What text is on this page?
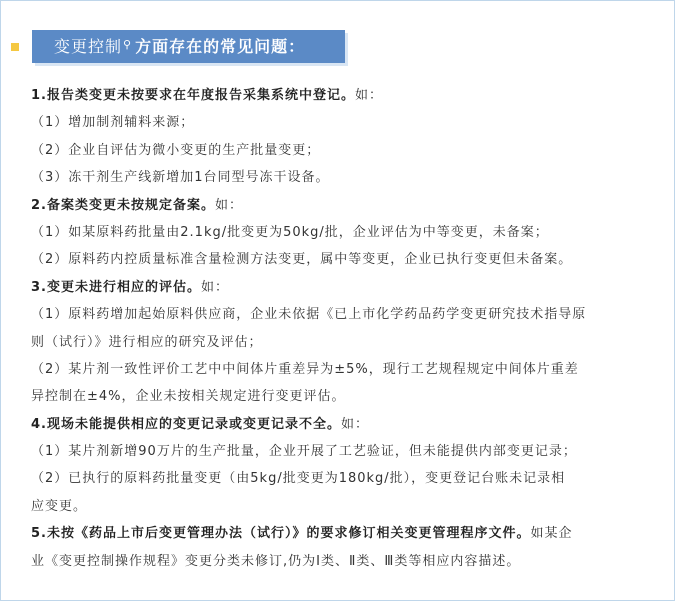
变更控制⚲ 方面存在的常见问题：
1.报告类变更未按要求在年度报告采集系统中登记。如：
（1）增加制剂辅料来源；
（2）企业自评估为微小变更的生产批量变更；
（3）冻干剂生产线新增加1台同型号冻干设备。
2.备案类变更未按规定备案。如：
（1）如某原料药批量由2.1kg/批变更为50kg/批，企业评估为中等变更，未备案；
（2）原料药内控质量标准含量检测方法变更，属中等变更，企业已执行变更但未备案。
3.变更未进行相应的评估。如：
（1）原料药增加起始原料供应商，企业未依据《已上市化学药品药学变更研究技术指导原
则（试行）》进行相应的研究及评估；
（2）某片剂一致性评价工艺中中间体片重差异为±5%，现行工艺规程规定中间体片重差
异控制在±4%，企业未按相关规定进行变更评估。
4.现场未能提供相应的变更记录或变更记录不全。如：
（1）某片剂新增90万片的生产批量，企业开展了工艺验证，但未能提供内部变更记录；
（2）已执行的原料药批量变更（由5kg/批变更为180kg/批），变更登记台账未记录相
应变更。
5.未按《药品上市后变更管理办法（试行）》的要求修订相关变更管理程序文件。如某企
业《变更控制操作规程》变更分类未修订,仍为Ⅰ类、Ⅱ类、Ⅲ类等相应内容描述。
